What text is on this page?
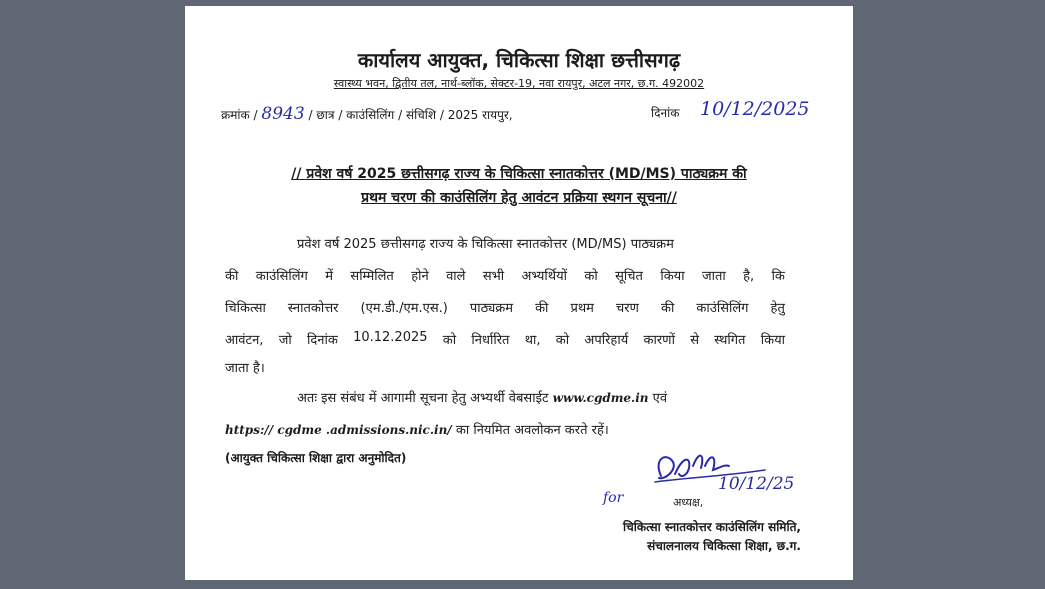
कार्यालय आयुक्त, चिकित्सा शिक्षा छत्तीसगढ़
स्वास्थ्य भवन, द्वितीय तल, नार्थ-ब्लॉक, सेक्टर-19, नवा रायपुर, अटल नगर, छ.ग. 492002
क्रमांक / 8943 / छात्र / काउंसिलिंग / संचिशि / 2025 रायपुर,	दिनांक 10/12/2025
// प्रवेश वर्ष 2025 छत्तीसगढ़ राज्य के चिकित्सा स्नातकोत्तर (MD/MS) पाठ्यक्रम की
प्रथम चरण की काउंसिलिंग हेतु आवंटन प्रक्रिया स्थगन सूचना//
प्रवेश वर्ष 2025 छत्तीसगढ़ राज्य के चिकित्सा स्नातकोत्तर (MD/MS) पाठ्यक्रम
की काउंसिलिंग में सम्मिलित होने वाले सभी अभ्यर्थियों को सूचित किया जाता है, कि
चिकित्सा स्नातकोत्तर (एम.डी./एम.एस.) पाठ्यक्रम की प्रथम चरण की काउंसिलिंग हेतु
आवंटन, जो दिनांक 10.12.2025 को निर्धारित था, को अपरिहार्य कारणों से स्थगित किया
जाता है।
अतः इस संबंध में आगामी सूचना हेतु अभ्यर्थी वेबसाईट www.cgdme.in एवं
https:// cgdme .admissions.nic.in/ का नियमित अवलोकन करते रहें।
(आयुक्त चिकित्सा शिक्षा द्वारा अनुमोदित)
10/12/25
for	अध्यक्ष,
चिकित्सा स्नातकोत्तर काउंसिलिंग समिति,
संचालनालय चिकित्सा शिक्षा, छ.ग.
